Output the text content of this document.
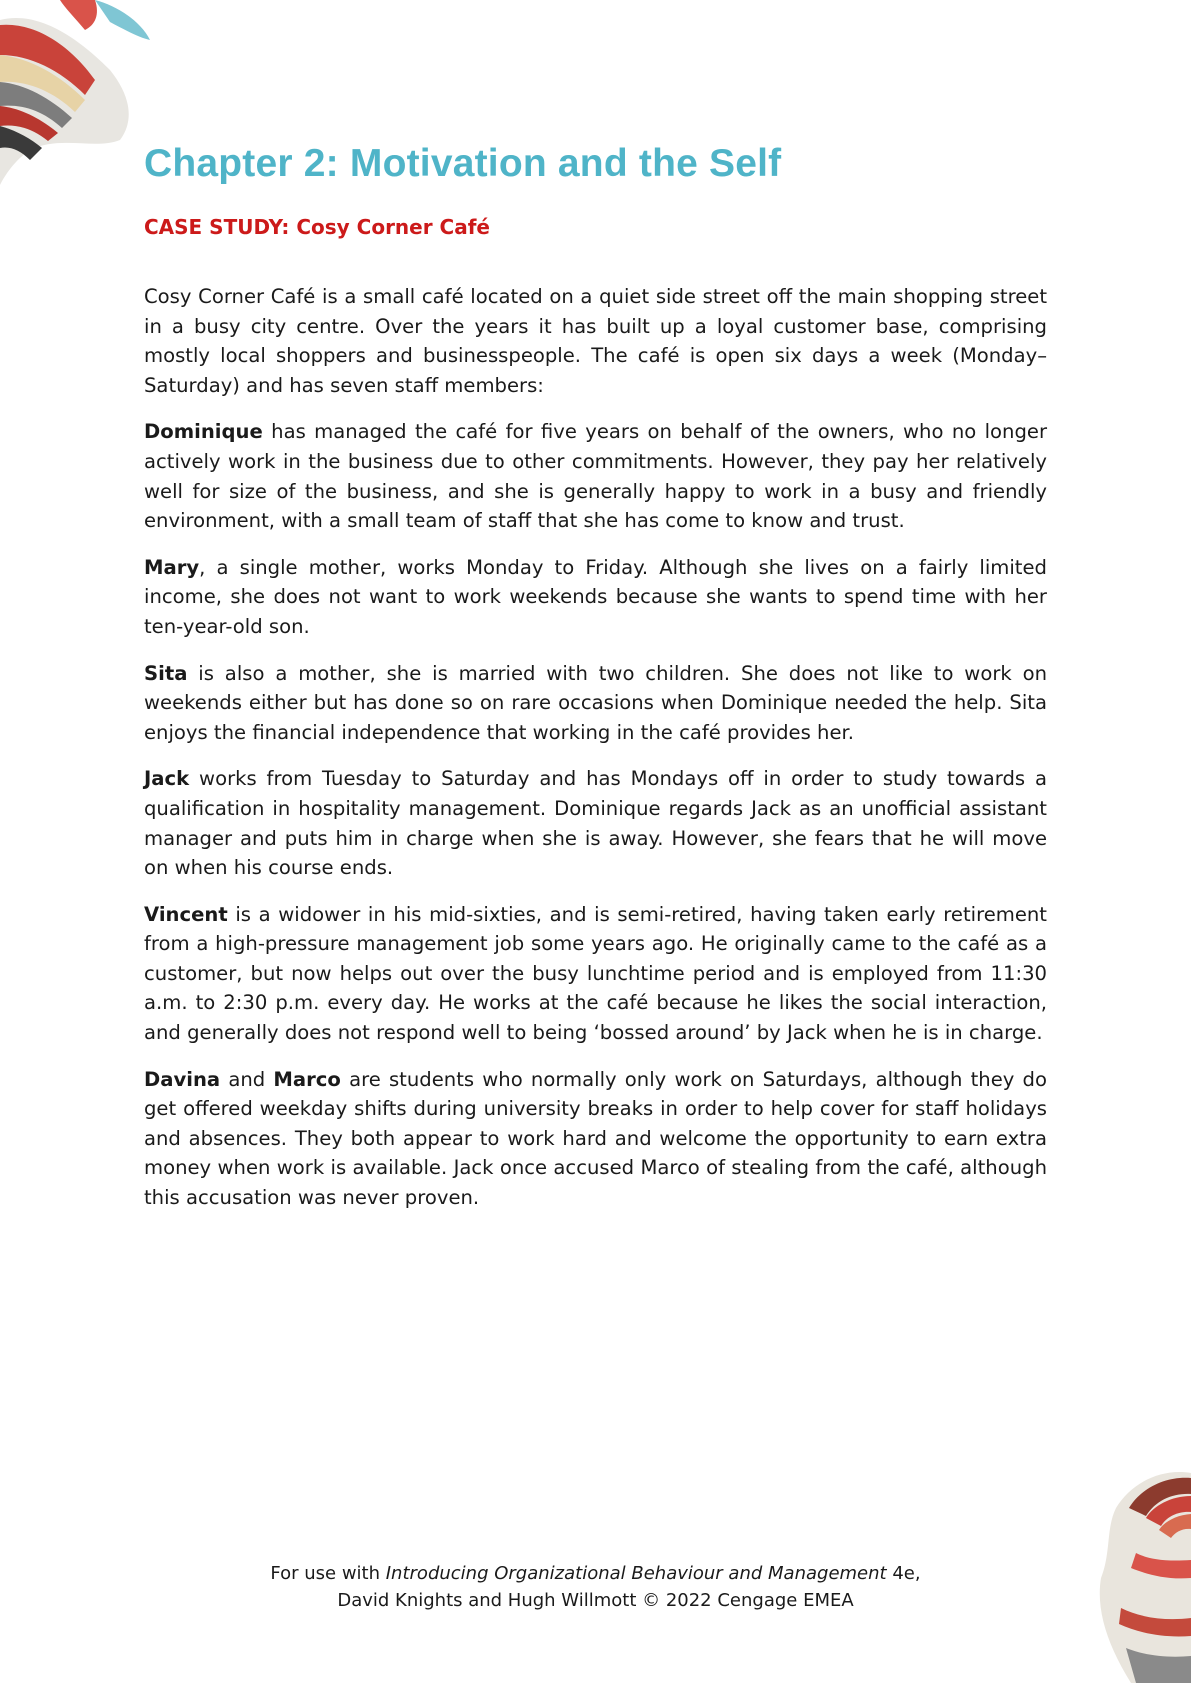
Chapter 2: Motivation and the Self
CASE STUDY: Cosy Corner Café

Cosy Corner Café is a small café located on a quiet side street off the main shopping street in a busy city centre. Over the years it has built up a loyal customer base, comprising mostly local shoppers and businesspeople. The café is open six days a week (Monday–Saturday) and has seven staff members:

Dominique has managed the café for five years on behalf of the owners, who no longer actively work in the business due to other commitments. However, they pay her relatively well for size of the business, and she is generally happy to work in a busy and friendly environment, with a small team of staff that she has come to know and trust.

Mary, a single mother, works Monday to Friday. Although she lives on a fairly limited income, she does not want to work weekends because she wants to spend time with her ten-year-old son.

Sita is also a mother, she is married with two children. She does not like to work on weekends either but has done so on rare occasions when Dominique needed the help. Sita enjoys the financial independence that working in the café provides her.

Jack works from Tuesday to Saturday and has Mondays off in order to study towards a qualification in hospitality management. Dominique regards Jack as an unofficial assistant manager and puts him in charge when she is away. However, she fears that he will move on when his course ends.

Vincent is a widower in his mid-sixties, and is semi-retired, having taken early retirement from a high-pressure management job some years ago. He originally came to the café as a customer, but now helps out over the busy lunchtime period and is employed from 11:30 a.m. to 2:30 p.m. every day. He works at the café because he likes the social interaction, and generally does not respond well to being ‘bossed around’ by Jack when he is in charge.

Davina and Marco are students who normally only work on Saturdays, although they do get offered weekday shifts during university breaks in order to help cover for staff holidays and absences. They both appear to work hard and welcome the opportunity to earn extra money when work is available. Jack once accused Marco of stealing from the café, although this accusation was never proven.

For use with Introducing Organizational Behaviour and Management 4e,
David Knights and Hugh Willmott © 2022 Cengage EMEA
